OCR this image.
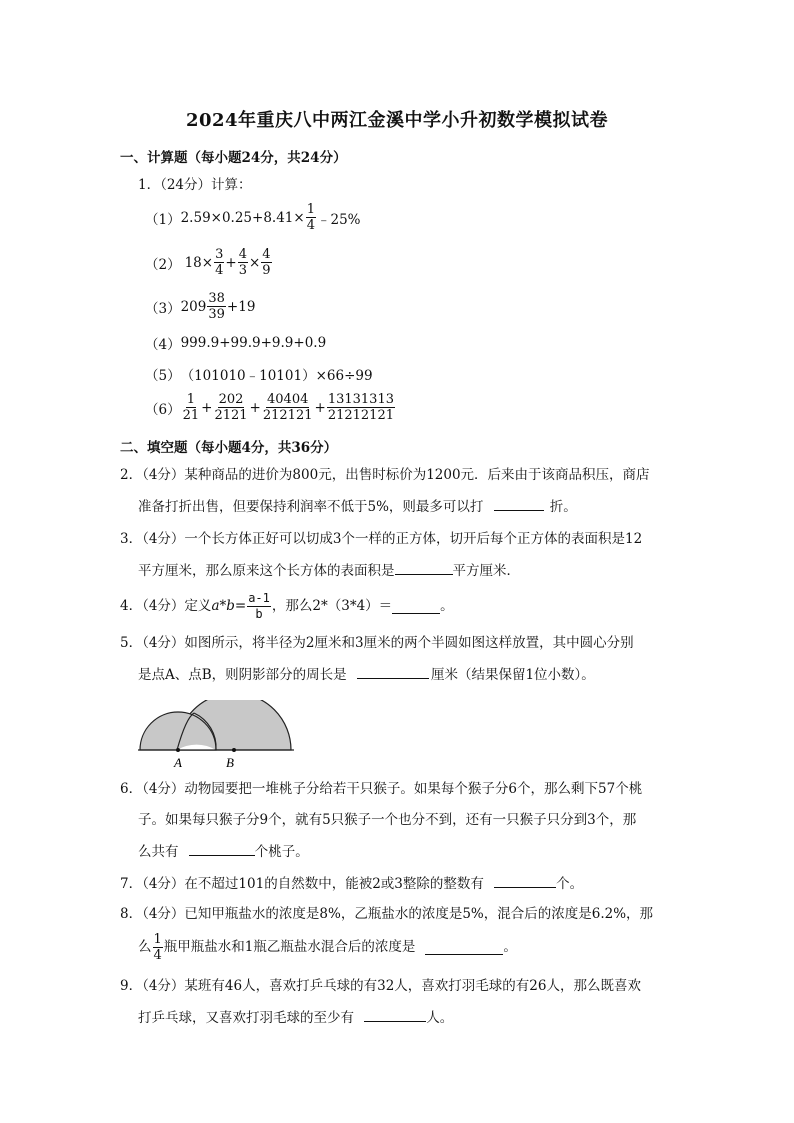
2024年重庆八中两江金溪中学小升初数学模拟试卷
一、计算题（每小题24分，共24分）
1．（24分）计算：
（1） $2.59\times 0.25+8.41\times \frac{1}{4}$ ﹣25%
（2） $18\times \frac{3}{4} + \frac{4}{3} \times \frac{4}{9}$
（3） $209 \frac{38}{39} +19$
（4） 999.9+99.9+9.9+0.9
（5） （101010﹣10101）×66÷99
$(6) \frac{1}{21} + \frac{202}{2121} + \frac{40404}{212121} + \frac{13131313}{21212121}$
二、填空题（每小题4分，共36分）
2．（4分）某种商品的进价为800元，出售时标价为1200元．后来由于该商品积压，商店
准备打折出售，但要保持利润率不低于5%，则最多可以打	折。
3．（4分）一个长方体正好可以切成3个一样的正方体，切开后每个正方体的表面积是12
平方厘米，那么原来这个长方体的表面积是	平方厘米．
4．（4分）定义 $a*b = \frac{a-1}{b}$ ，那么2*（3*4）＝	。
5．（4分）如图所示，将半径为2厘米和3厘米的两个半圆如图这样放置，其中圆心分别
是点A、点B，则阴影部分的周长是	厘米（结果保留1位小数）。
A	B
6．（4分）动物园要把一堆桃子分给若干只猴子。如果每个猴子分6个，那么剩下57个桃
子。如果每只猴子分9个，就有5只猴子一个也分不到，还有一只猴子只分到3个，那
么共有	个桃子。
7．（4分）在不超过101的自然数中，能被2或3整除的整数有	个。
8．（4分）已知甲瓶盐水的浓度是8%，乙瓶盐水的浓度是5%，混合后的浓度是6.2%，那
么 $\frac{1}{4}$ 瓶甲瓶盐水和1瓶乙瓶盐水混合后的浓度是	。
9．（4分）某班有46人，喜欢打乒乓球的有32人，喜欢打羽毛球的有26人，那么既喜欢
打乒乓球，又喜欢打羽毛球的至少有	人。
